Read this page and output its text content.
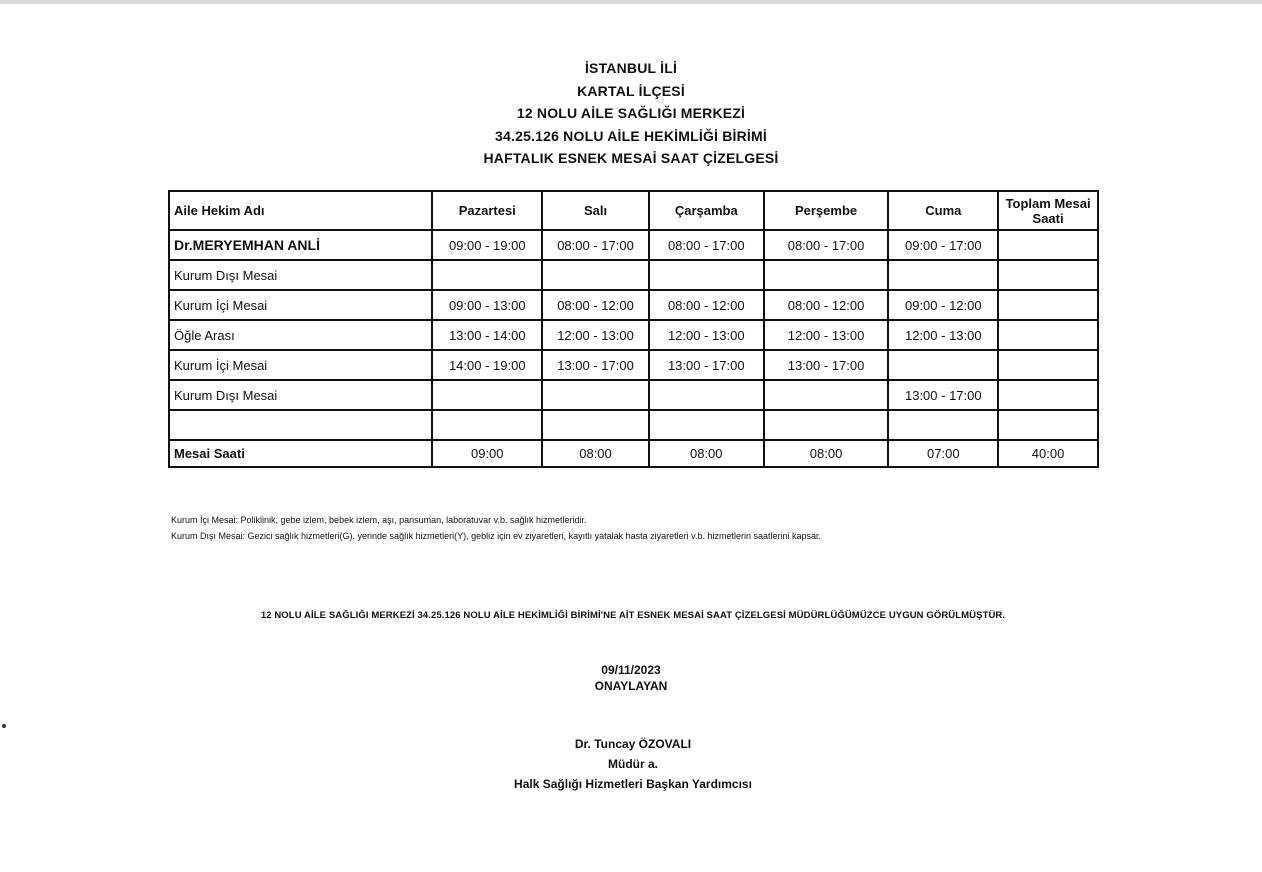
İSTANBUL İLİ
KARTAL İLÇESİ
12 NOLU AİLE SAĞLIĞI MERKEZİ
34.25.126 NOLU AİLE HEKİMLİĞİ BİRİMİ
HAFTALIK ESNEK MESAİ SAAT ÇİZELGESİ
Aile Hekim Adı	Pazartesi	Salı	Çarşamba	Perşembe	Cuma	Toplam Mesai Saati
Dr.MERYEMHAN ANLİ	09:00 - 19:00	08:00 - 17:00	08:00 - 17:00	08:00 - 17:00	09:00 - 17:00	
Kurum Dışı Mesai						
Kurum İçi Mesai	09:00 - 13:00	08:00 - 12:00	08:00 - 12:00	08:00 - 12:00	09:00 - 12:00	
Öğle Arası	13:00 - 14:00	12:00 - 13:00	12:00 - 13:00	12:00 - 13:00	12:00 - 13:00	
Kurum İçi Mesai	14:00 - 19:00	13:00 - 17:00	13:00 - 17:00	13:00 - 17:00		
Kurum Dışı Mesai					13:00 - 17:00	

Mesai Saati	09:00	08:00	08:00	08:00	07:00	40:00
Kurum İçi Mesai: Poliklinik, gebe izlem, bebek izlem, aşı, pansuman, laboratuvar v.b. sağlık hizmetleridir.
Kurum Dışı Mesai: Gezici sağlık hizmetleri(G), yerinde sağlık hizmetleri(Y), gebliz için ev ziyaretleri, kayıtlı yatalak hasta ziyaretleri v.b. hizmetlerin saatlerini kapsar.
12 NOLU AİLE SAĞLIĞI MERKEZİ 34.25.126 NOLU AİLE HEKİMLİĞİ BİRİMİ'NE AİT ESNEK MESAİ SAAT ÇİZELGESİ MÜDÜRLÜĞÜMÜZCE UYGUN GÖRÜLMÜŞTÜR.
09/11/2023
ONAYLAYAN
Dr. Tuncay ÖZOVALI
Müdür a.
Halk Sağlığı Hizmetleri Başkan Yardımcısı
